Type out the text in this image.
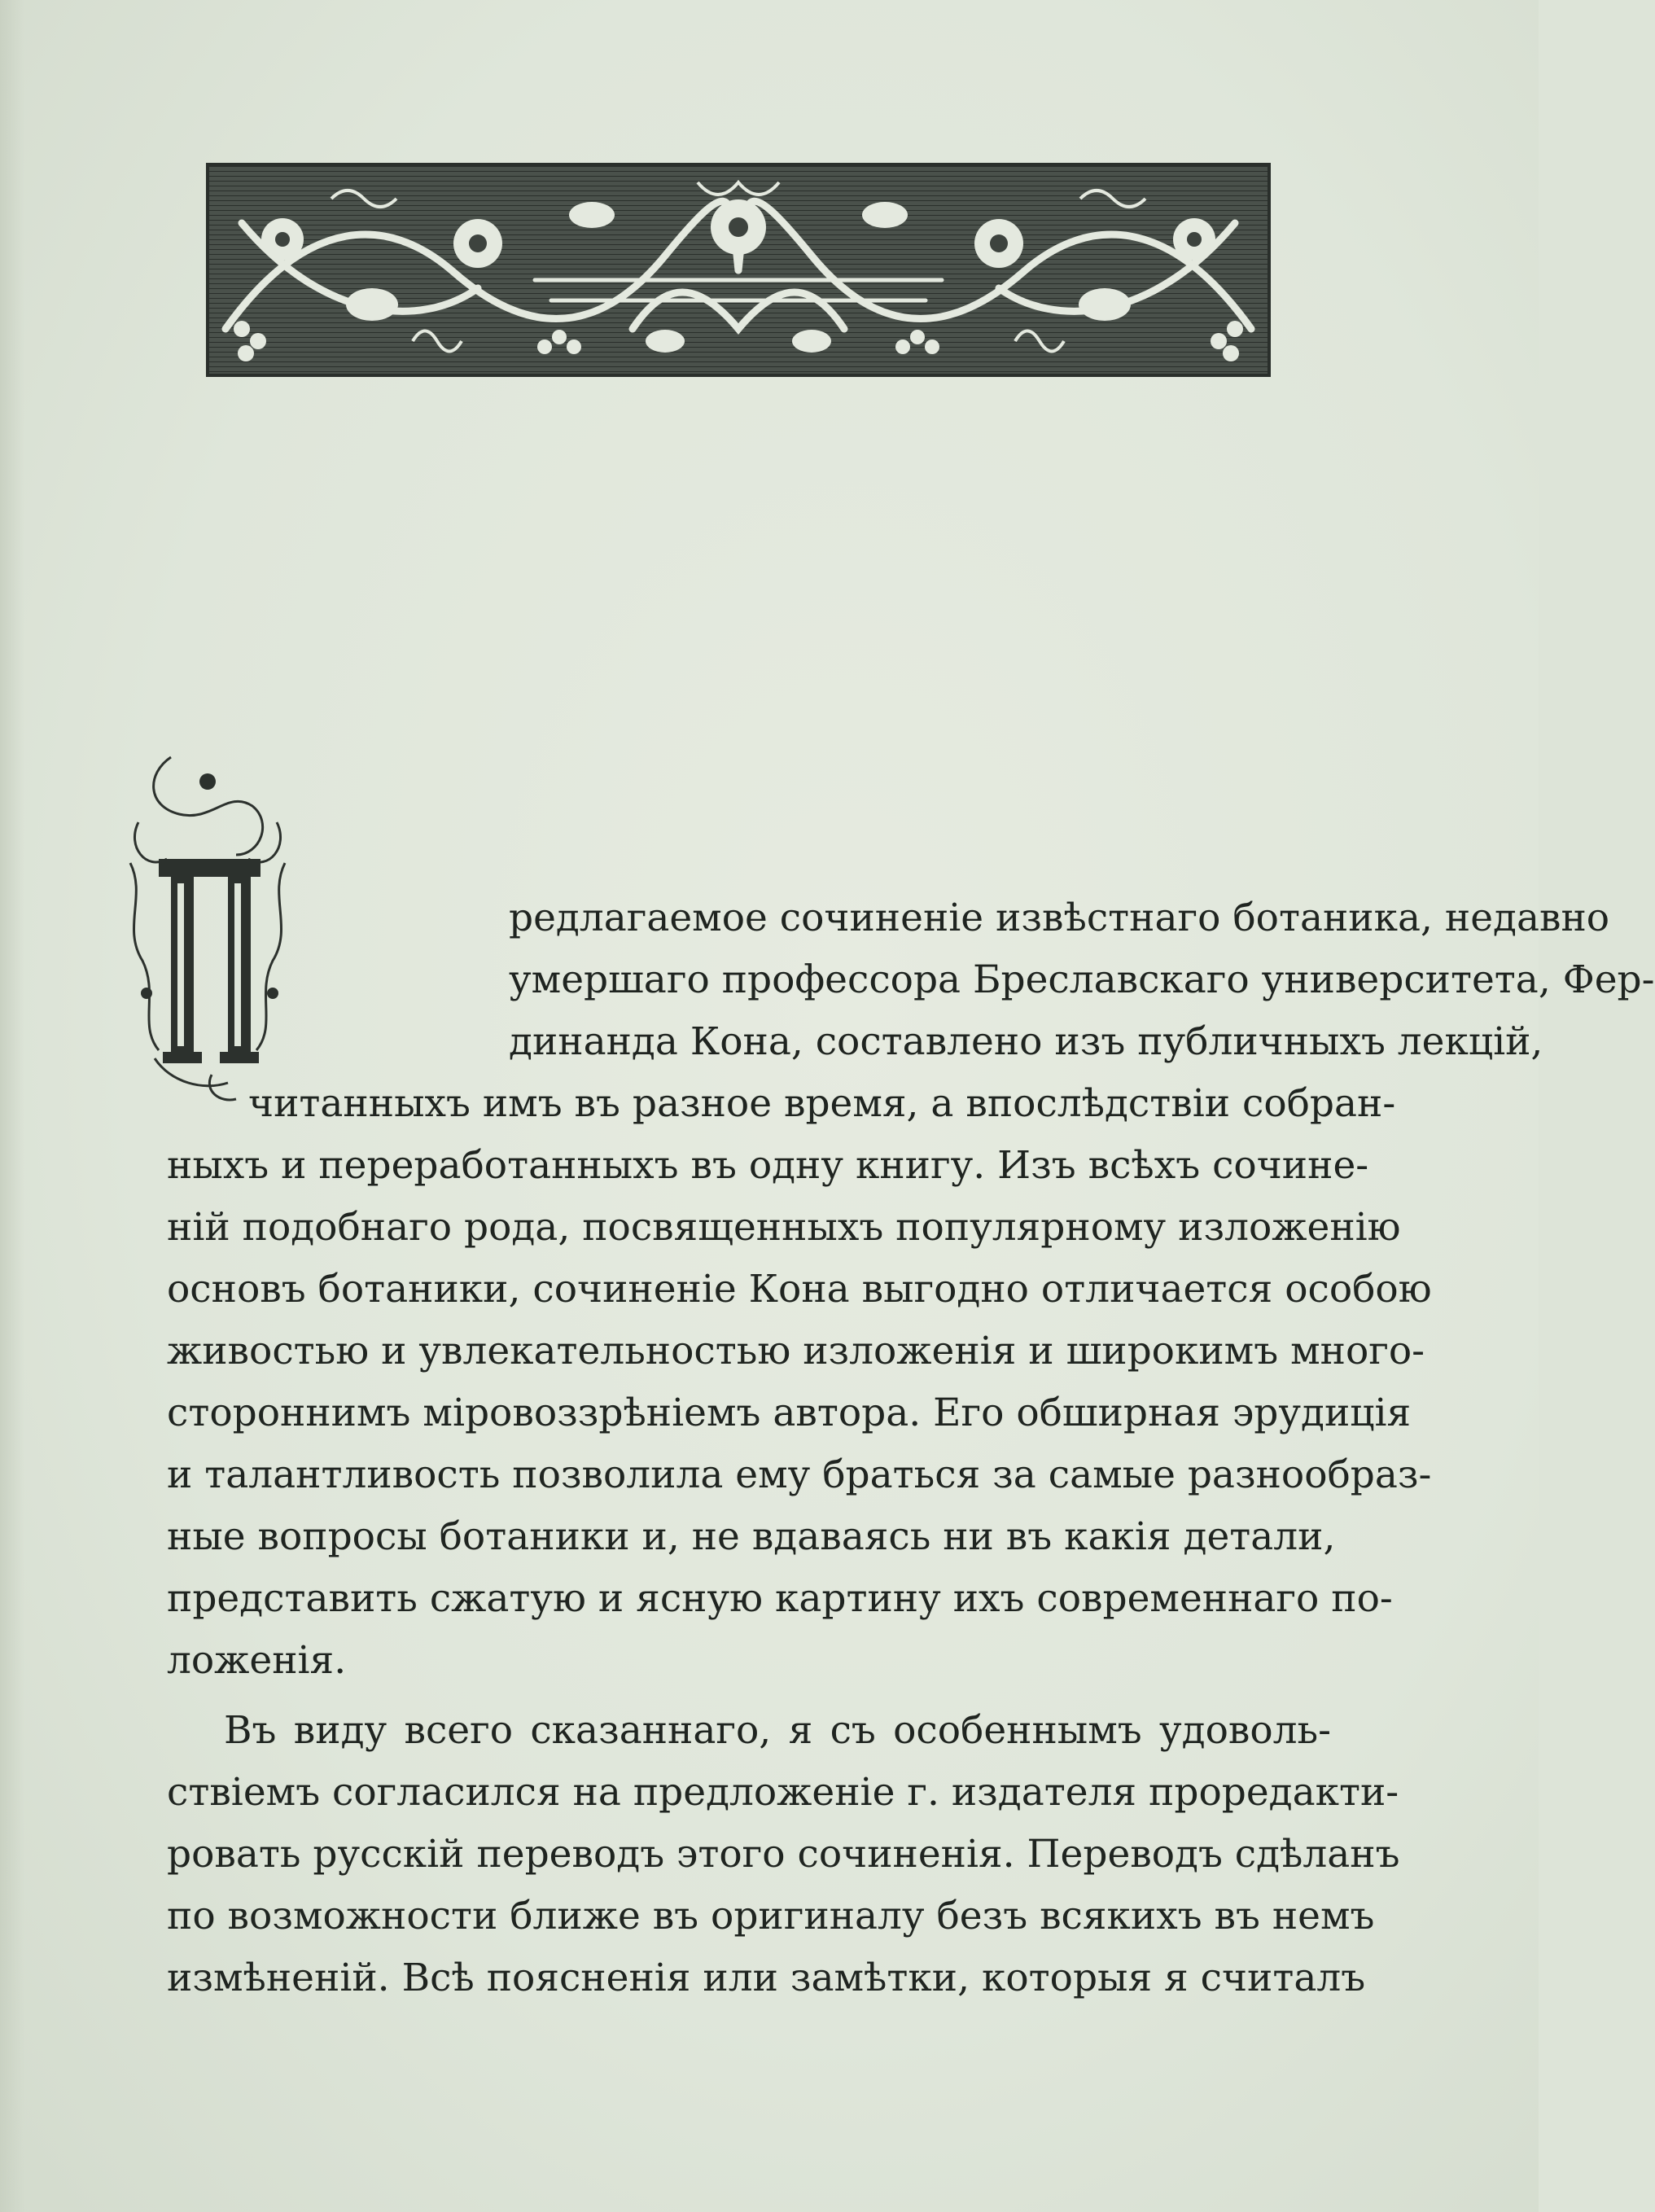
редлагаемое сочиненіе извѣстнаго ботаника, недавно
умершаго профессора Бреславскаго университета, Фер-
динанда Кона, составлено изъ публичныхъ лекцій,
читанныхъ имъ въ разное время, а впослѣдствіи собран-
ныхъ и переработанныхъ въ одну книгу. Изъ всѣхъ сочине-
ній подобнаго рода, посвященныхъ популярному изложенію
основъ ботаники, сочиненіе Кона выгодно отличается особою
живостью и увлекательностью изложенія и широкимъ много-
стороннимъ міровоззрѣніемъ автора. Его обширная эрудиція
и талантливость позволила ему браться за самые разнообраз-
ные вопросы ботаники и, не вдаваясь ни въ какія детали,
представить сжатую и ясную картину ихъ современнаго по-
ложенія.
Въ виду всего сказаннаго, я съ особеннымъ удоволь-
ствіемъ согласился на предложеніе г. издателя проредакти-
ровать русскій переводъ этого сочиненія. Переводъ сдѣланъ
по возможности ближе въ оригиналу безъ всякихъ въ немъ
измѣненій. Всѣ поясненія или замѣтки, которыя я считалъ
